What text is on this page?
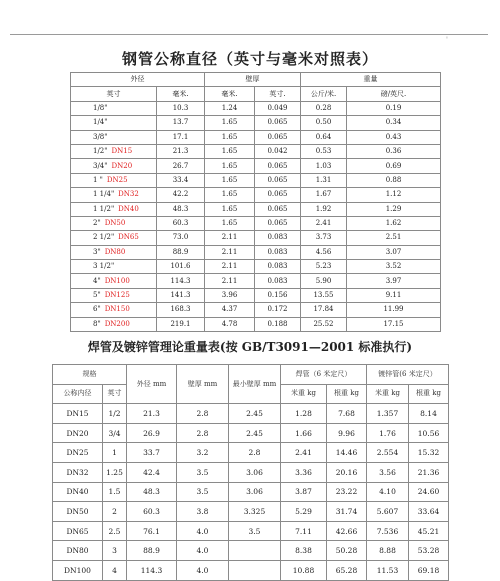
'
钢管公称直径（英寸与毫米对照表）
外径		壁厚		重量	
英寸	毫米.	毫米.	英寸.	公斤/米.	磅/英尺.
1/8"	10.3	1.24	0.049	0.28	0.19
1/4"	13.7	1.65	0.065	0.50	0.34
3/8"	17.1	1.65	0.065	0.64	0.43
1/2" DN15	21.3	1.65	0.042	0.53	0.36
3/4" DN20	26.7	1.65	0.065	1.03	0.69
1 " DN25	33.4	1.65	0.065	1.31	0.88
1 1/4" DN32	42.2	1.65	0.065	1.67	1.12
1 1/2" DN40	48.3	1.65	0.065	1.92	1.29
2" DN50	60.3	1.65	0.065	2.41	1.62
2 1/2" DN65	73.0	2.11	0.083	3.73	2.51
3" DN80	88.9	2.11	0.083	4.56	3.07
3 1/2"	101.6	2.11	0.083	5.23	3.52
4" DN100	114.3	2.11	0.083	5.90	3.97
5" DN125	141.3	3.96	0.156	13.55	9.11
6" DN150	168.3	4.37	0.172	17.84	11.99
8" DN200	219.1	4.78	0.188	25.52	17.15
焊管及镀锌管理论重量表(按 GB/T3091—2001 标准执行)
规格		外径 mm	壁厚 mm	最小壁厚 mm	焊管（6 米定尺）		镀锌管(6 米定尺）	
公称内径	英寸				米重 kg	根重 kg	米重 kg	根重 kg
DN15	1/2	21.3	2.8	2.45	1.28	7.68	1.357	8.14
DN20	3/4	26.9	2.8	2.45	1.66	9.96	1.76	10.56
DN25	1	33.7	3.2	2.8	2.41	14.46	2.554	15.32
DN32	1.25	42.4	3.5	3.06	3.36	20.16	3.56	21.36
DN40	1.5	48.3	3.5	3.06	3.87	23.22	4.10	24.60
DN50	2	60.3	3.8	3.325	5.29	31.74	5.607	33.64
DN65	2.5	76.1	4.0	3.5	7.11	42.66	7.536	45.21
DN80	3	88.9	4.0		8.38	50.28	8.88	53.28
DN100	4	114.3	4.0		10.88	65.28	11.53	69.18
